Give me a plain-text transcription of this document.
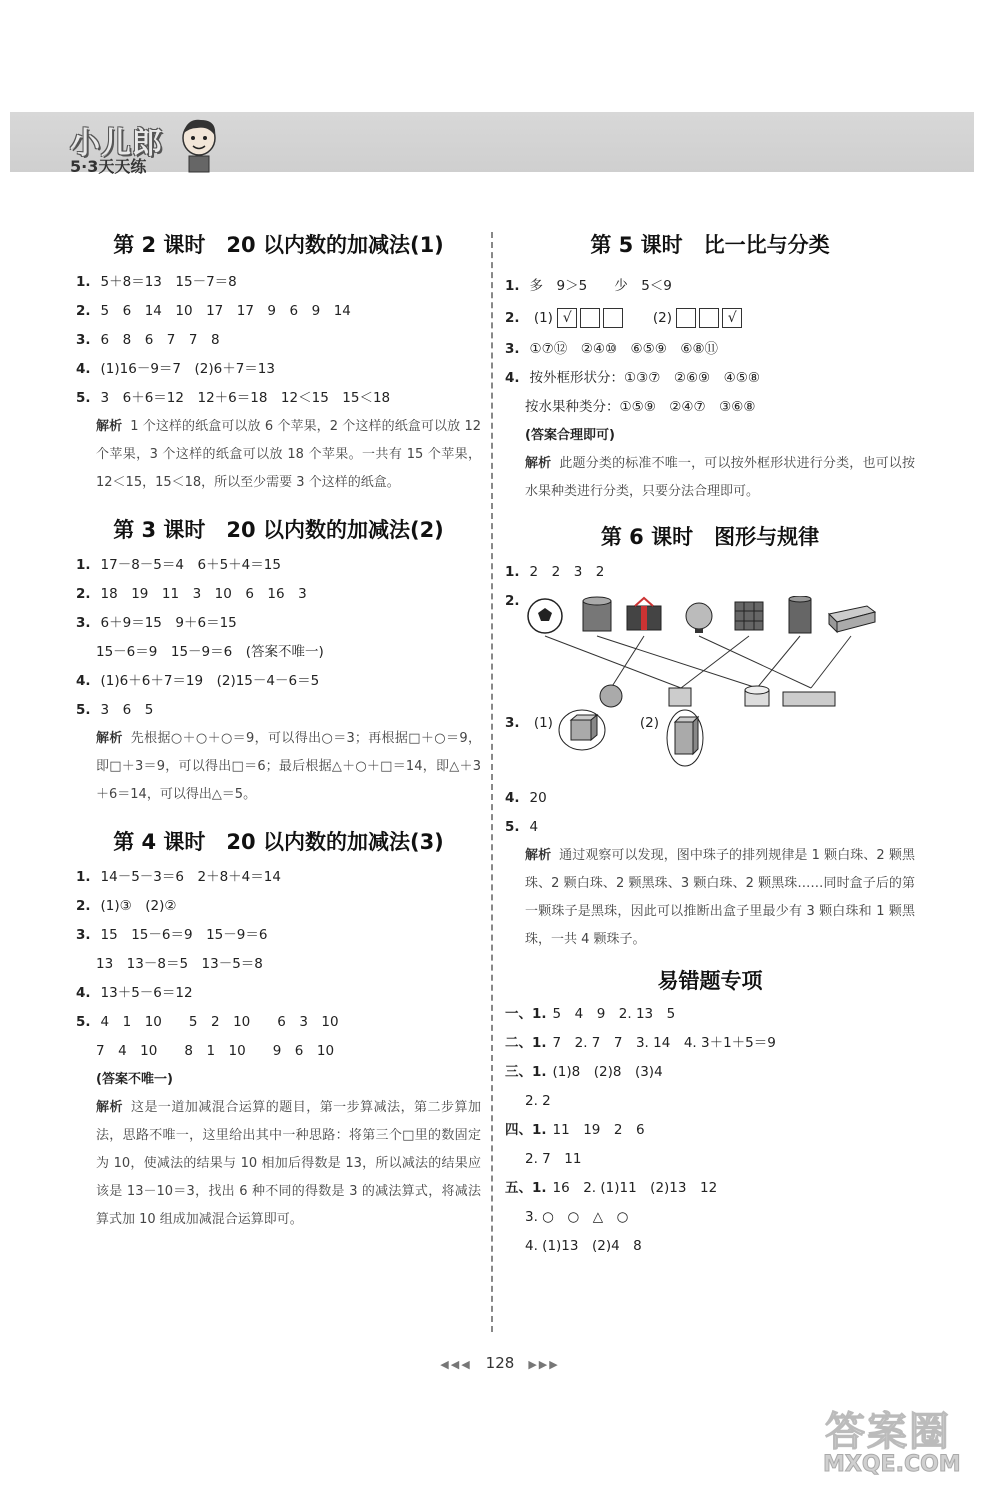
小儿郎
5·3天天练
第 2 课时　20 以内数的加减法(1)
1. 5＋8＝13　15－7＝8
2. 5　6　14　10　17　17　9　6　9　14
3. 6　8　6　7　7　8
4. (1)16－9＝7　(2)6＋7＝13
5. 3　6＋6＝12　12＋6＝18　12＜15　15＜18
解析 1 个这样的纸盒可以放 6 个苹果，2 个这样的纸盒可以放 12 个苹果，3 个这样的纸盒可以放 18 个苹果。一共有 15 个苹果，12＜15，15＜18，所以至少需要 3 个这样的纸盒。
第 3 课时　20 以内数的加减法(2)
1. 17－8－5＝4　6＋5＋4＝15
2. 18　19　11　3　10　6　16　3
3. 6＋9＝15　9＋6＝15
15－6＝9　15－9＝6　(答案不唯一)
4. (1)6＋6＋7＝19　(2)15－4－6＝5
5. 3　6　5
解析 先根据○＋○＋○＝9，可以得出○＝3；再根据□＋○＝9，即□＋3＝9，可以得出□＝6；最后根据△＋○＋□＝14，即△＋3＋6＝14，可以得出△＝5。
第 4 课时　20 以内数的加减法(3)
1. 14－5－3＝6　2＋8＋4＝14
2. (1)③　(2)②
3. 15　15－6＝9　15－9＝6
13　13－8＝5　13－5＝8
4. 13＋5－6＝12
5. 4　1　10　　5　2　10　　6　3　10
7　4　10　　8　1　10　　9　6　10
(答案不唯一)
解析 这是一道加减混合运算的题目，第一步算减法，第二步算加法，思路不唯一，这里给出其中一种思路：将第三个□里的数固定为 10，使减法的结果与 10 相加后得数是 13，所以减法的结果应该是 13－10＝3，找出 6 种不同的得数是 3 的减法算式，将减法算式加 10 组成加减混合运算即可。
第 5 课时　比一比与分类
1. 多　9＞5　　少　5＜9
2. (1) √	(2)	√
3. ①⑦⑫　②④⑩　⑥⑤⑨　⑥⑧⑪
4. 按外框形状分：①③⑦　②⑥⑨　④⑤⑧
按水果种类分：①⑤⑨　②④⑦　③⑥⑧
(答案合理即可)
解析 此题分类的标准不唯一，可以按外框形状进行分类，也可以按水果种类进行分类，只要分法合理即可。
第 6 课时　图形与规律
1. 2　2　3　2
2.
3. (1)	(2)
4. 20
5. 4
解析 通过观察可以发现，图中珠子的排列规律是 1 颗白珠、2 颗黑珠、2 颗白珠、2 颗黑珠、3 颗白珠、2 颗黑珠……同时盒子后的第一颗珠子是黑珠，因此可以推断出盒子里最少有 3 颗白珠和 1 颗黑珠，一共 4 颗珠子。
易错题专项
一、1. 5　4　9　2. 13　5
二、1. 7　2. 7　7　3. 14　4. 3＋1＋5＝9
三、1. (1)8　(2)8　(3)4
2. 2
四、1. 11　19　2　6
2. 7　11
五、1. 16　2. (1)11　(2)13　12
3. ○　○　△　○
4. (1)13　(2)4　8
◀◀◀ 128 ▶▶▶
答案圈
MXQE.COM
